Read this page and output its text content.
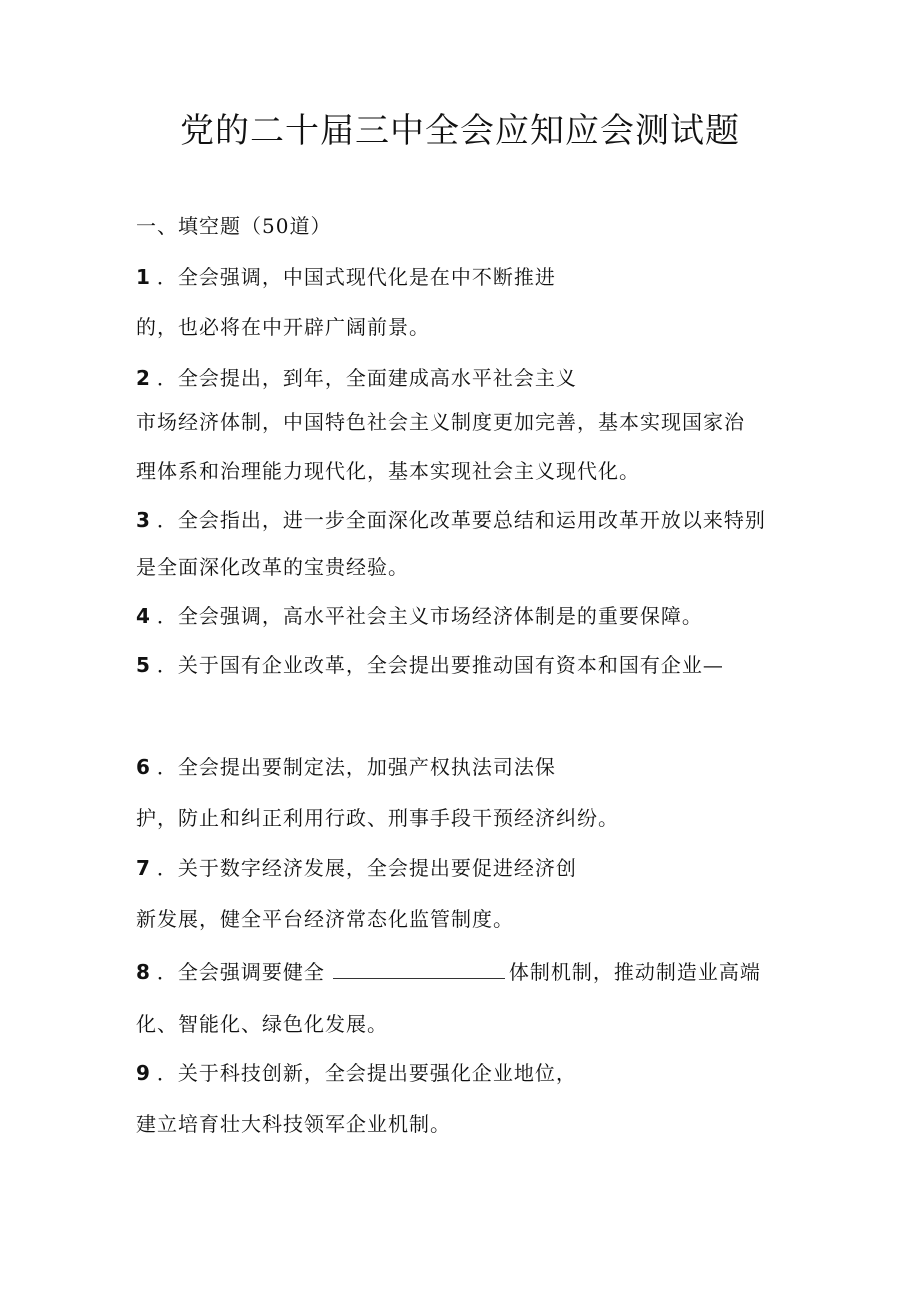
党的二十届三中全会应知应会测试题
一、填空题（50道）
1 ．全会强调，中国式现代化是在中不断推进
的，也必将在中开辟广阔前景。
2 ．全会提出，到年，全面建成高水平社会主义
市场经济体制，中国特色社会主义制度更加完善，基本实现国家治
理体系和治理能力现代化，基本实现社会主义现代化。
3 ．全会指出，进一步全面深化改革要总结和运用改革开放以来特别
是全面深化改革的宝贵经验。
4 ．全会强调，高水平社会主义市场经济体制是的重要保障。
5 ．关于国有企业改革，全会提出要推动国有资本和国有企业—
6 ．全会提出要制定法，加强产权执法司法保
护，防止和纠正利用行政、刑事手段干预经济纠纷。
7 ．关于数字经济发展，全会提出要促进经济创
新发展，健全平台经济常态化监管制度。
8 ．全会强调要健全	体制机制，推动制造业高端
化、智能化、绿色化发展。
9 ．关于科技创新，全会提出要强化企业地位，
建立培育壮大科技领军企业机制。
